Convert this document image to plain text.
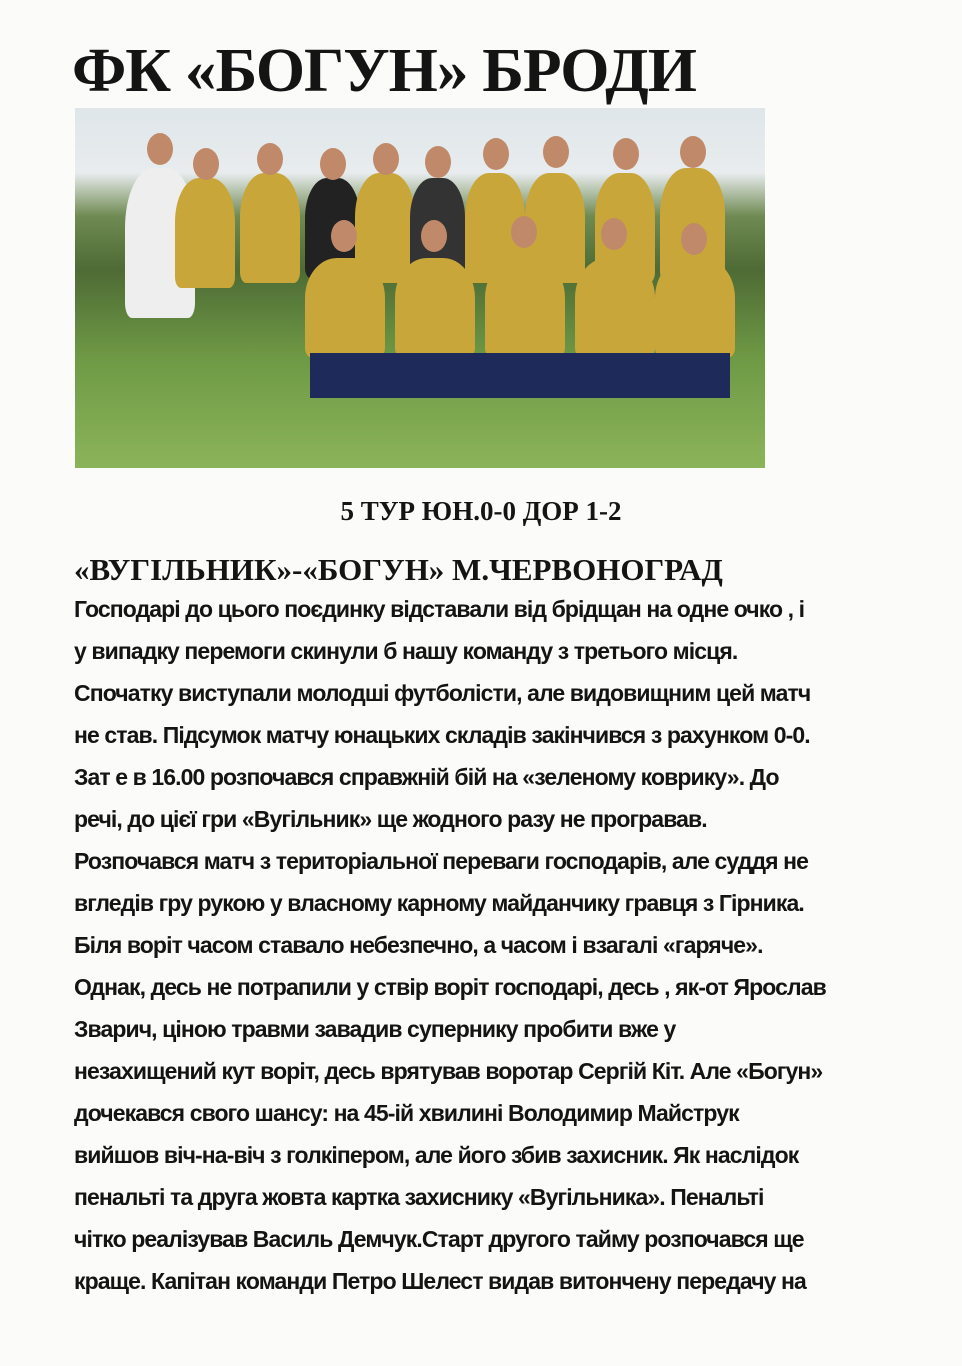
ФК «БОГУН» БРОДИ
5 ТУР ЮН.0-0 ДОР 1-2
«ВУГІЛЬНИК»-«БОГУН» М.ЧЕРВОНОГРАД
Господарі до цього поєдинку відставали від брідщан на одне очко , і
у випадку перемоги скинули б нашу команду з третього місця.
Спочатку виступали молодші футболісти, але видовищним цей матч
не став. Підсумок матчу юнацьких складів закінчився з рахунком 0-0.
Зат е в 16.00 розпочався справжній бій на «зеленому коврику». До
речі, до цієї гри «Вугільник» ще жодного разу не програвав.
Розпочався матч з територіальної переваги господарів, але суддя не
вгледів гру рукою у власному карному майданчику гравця з Гірника.
Біля воріт часом ставало небезпечно, а часом і взагалі «гаряче».
Однак, десь не потрапили у ствір воріт господарі, десь , як-от Ярослав
Зварич, ціною травми завадив супернику пробити вже у
незахищений кут воріт, десь врятував воротар Сергій Кіт. Але «Богун»
дочекався свого шансу: на 45-ій хвилині Володимир Майструк
вийшов віч-на-віч з голкіпером, але його збив захисник. Як наслідок
пенальті та друга жовта картка захиснику «Вугільника». Пенальті
чітко реалізував Василь Демчук.Старт другого тайму розпочався ще
краще. Капітан команди Петро Шелест видав витончену передачу на
